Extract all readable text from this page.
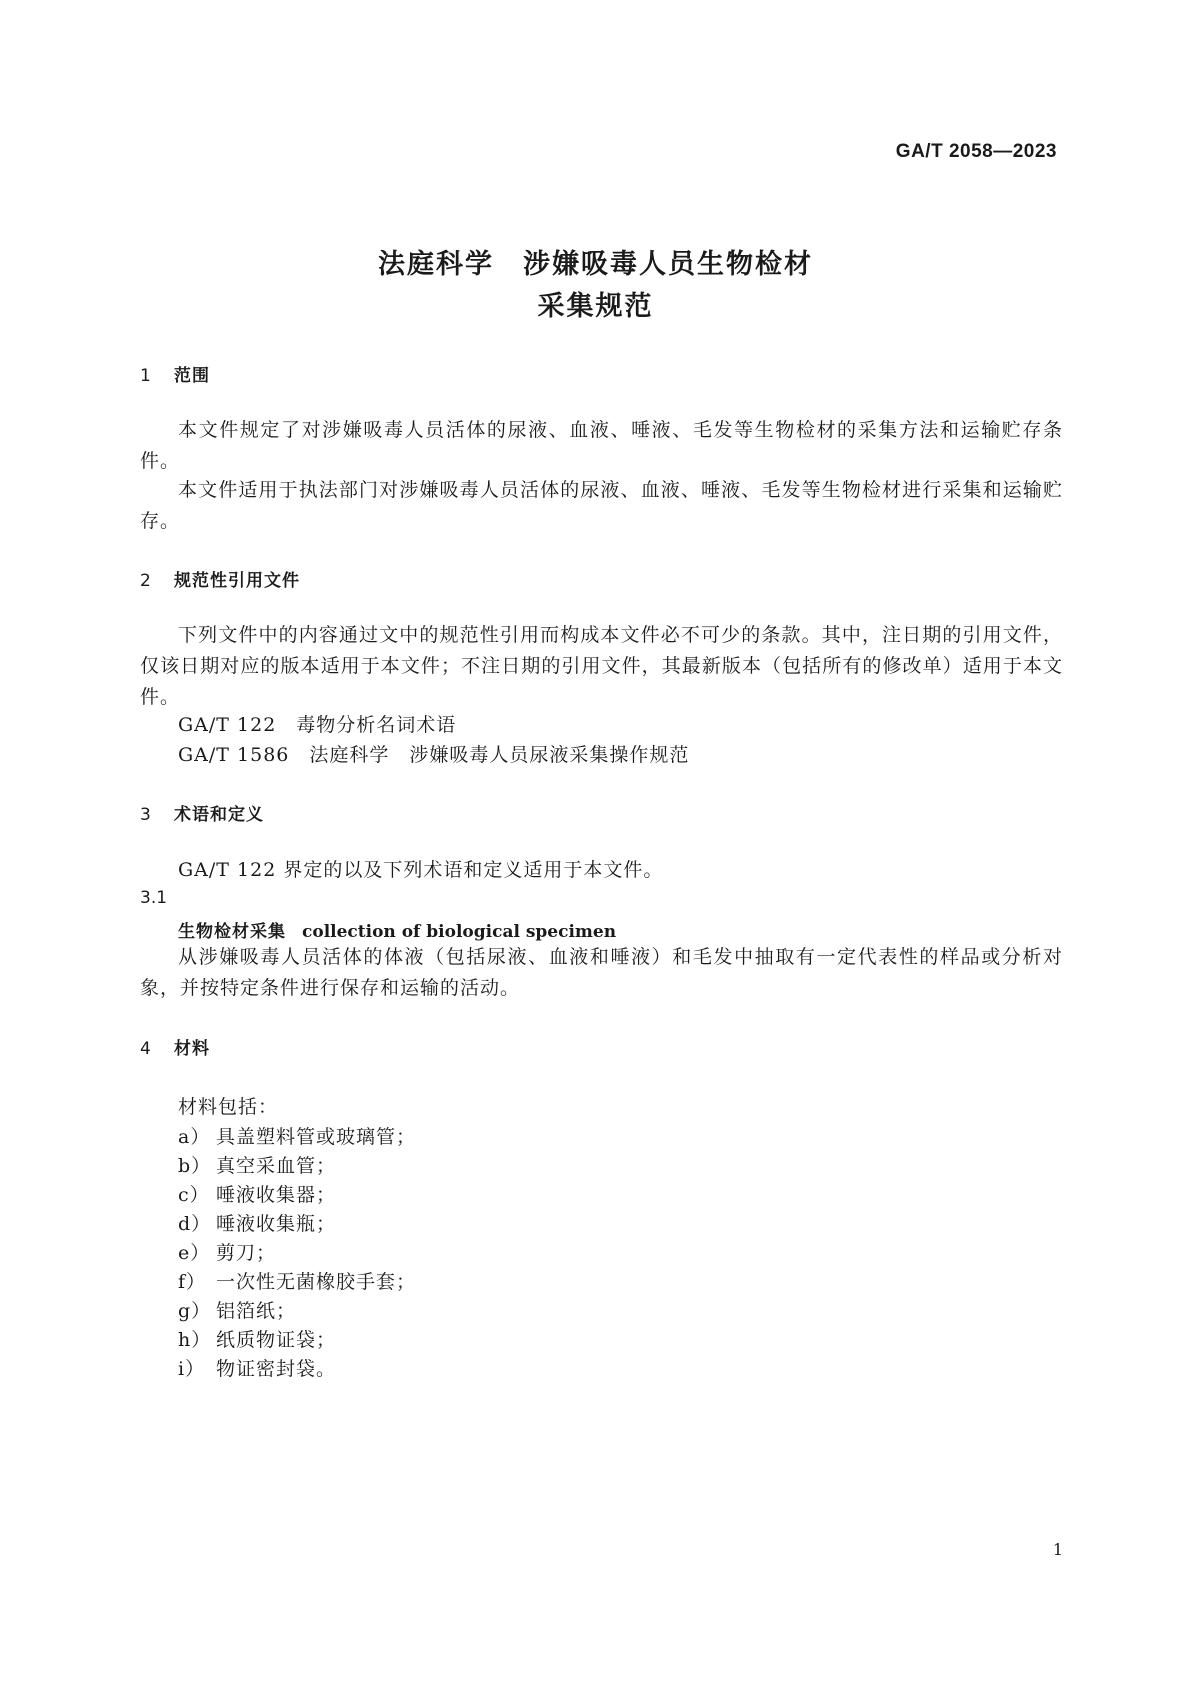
GA/T 2058—2023
法庭科学　涉嫌吸毒人员生物检材
采集规范
1 范围
本文件规定了对涉嫌吸毒人员活体的尿液、血液、唾液、毛发等生物检材的采集方法和运输贮存条件。
本文件适用于执法部门对涉嫌吸毒人员活体的尿液、血液、唾液、毛发等生物检材进行采集和运输贮存。
2 规范性引用文件
下列文件中的内容通过文中的规范性引用而构成本文件必不可少的条款。其中，注日期的引用文件，仅该日期对应的版本适用于本文件；不注日期的引用文件，其最新版本（包括所有的修改单）适用于本文件。
GA/T 122 毒物分析名词术语
GA/T 1586 法庭科学　涉嫌吸毒人员尿液采集操作规范
3 术语和定义
GA/T 122 界定的以及下列术语和定义适用于本文件。
3.1
生物检材采集 collection of biological specimen
从涉嫌吸毒人员活体的体液（包括尿液、血液和唾液）和毛发中抽取有一定代表性的样品或分析对象，并按特定条件进行保存和运输的活动。
4 材料
材料包括：
a） 具盖塑料管或玻璃管；
b） 真空采血管；
c） 唾液收集器；
d） 唾液收集瓶；
e） 剪刀；
f） 一次性无菌橡胶手套；
g） 铝箔纸；
h） 纸质物证袋；
i） 物证密封袋。
1
